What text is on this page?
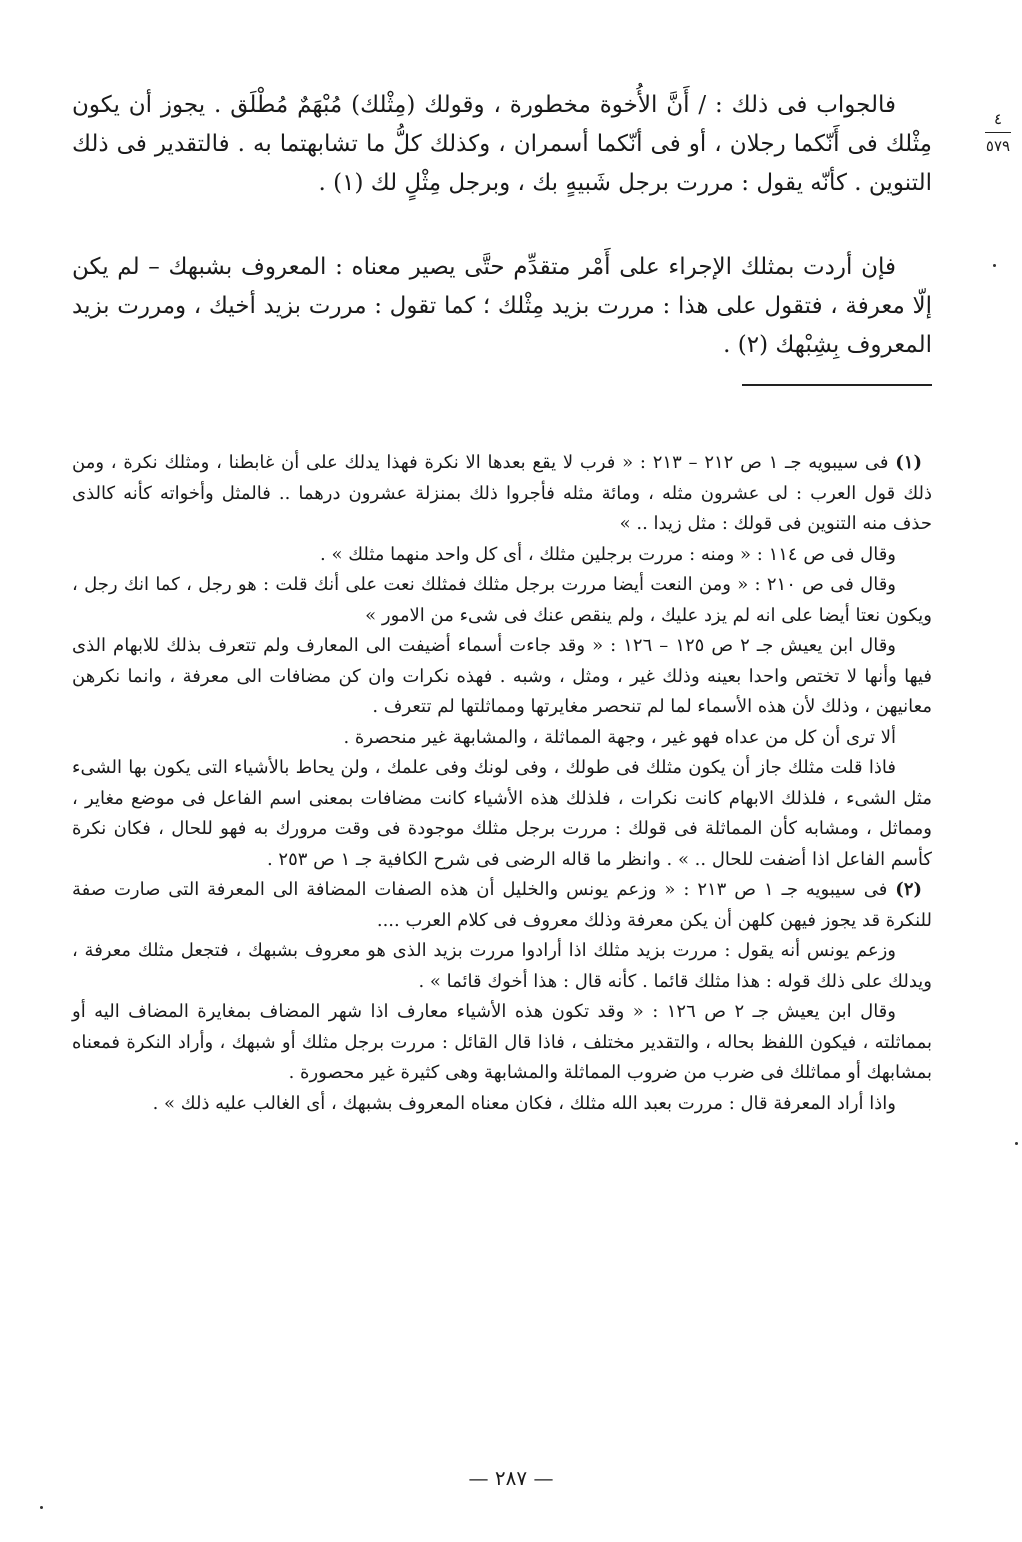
٤
٥٧٩

فالجواب فى ذلك : / أَنَّ الأُخوة مخطورة ، وقولك (مِثْلك) مُبْهَمٌ مُطْلَق . يجوز أن يكون مِثْلك فى أَنّكما رجلان ، أو فى أنّكما أسمران ، وكذلك كلُّ ما تشابهتما به . فالتقدير فى ذلك التنوين . كأنّه يقول : مررت برجل شَبيهٍ بك ، وبرجل مِثْلٍ لك (١) .

فإن أردت بمثلك الإجراء على أَمْر متقدِّم حتَّى يصير معناه : المعروف بشبهك – لم يكن إلّا معرفة ، فتقول على هذا : مررت بزيد مِثْلك ؛ كما تقول : مررت بزيد أخيك ، ومررت بزيد المعروف بِشِبْهك (٢) .

(١) فى سيبويه جـ ١ ص ٢١٢ – ٢١٣ : « فرب لا يقع بعدها الا نكرة فهذا يدلك على أن غابطنا ، ومثلك نكرة ، ومن ذلك قول العرب : لى عشرون مثله ، ومائة مثله فأجروا ذلك بمنزلة عشرون درهما .. فالمثل وأخواته كأنه كالذى حذف منه التنوين فى قولك : مثل زيدا .. »

وقال فى ص ١١٤ : « ومنه : مررت برجلين مثلك ، أى كل واحد منهما مثلك » .

وقال فى ص ٢١٠ : « ومن النعت أيضا مررت برجل مثلك فمثلك نعت على أنك قلت : هو رجل ، كما انك رجل ، ويكون نعتا أيضا على انه لم يزد عليك ، ولم ينقص عنك فى شىء من الامور »

وقال ابن يعيش جـ ٢ ص ١٢٥ – ١٢٦ : « وقد جاءت أسماء أضيفت الى المعارف ولم تتعرف بذلك للابهام الذى فيها وأنها لا تختص واحدا بعينه وذلك غير ، ومثل ، وشبه . فهذه نكرات وان كن مضافات الى معرفة ، وانما نكرهن معانيهن ، وذلك لأن هذه الأسماء لما لم تنحصر مغايرتها ومماثلتها لم تتعرف .

ألا ترى أن كل من عداه فهو غير ، وجهة المماثلة ، والمشابهة غير منحصرة .

فاذا قلت مثلك جاز أن يكون مثلك فى طولك ، وفى لونك وفى علمك ، ولن يحاط بالأشياء التى يكون بها الشىء مثل الشىء ، فلذلك الابهام كانت نكرات ، فلذلك هذه الأشياء كانت مضافات بمعنى اسم الفاعل فى موضع مغاير ، ومماثل ، ومشابه كأن المماثلة فى قولك : مررت برجل مثلك موجودة فى وقت مرورك به فهو للحال ، فكان نكرة كأسم الفاعل اذا أضفت للحال .. » . وانظر ما قاله الرضى فى شرح الكافية جـ ١ ص ٢٥٣ .

(٢) فى سيبويه جـ ١ ص ٢١٣ : « وزعم يونس والخليل أن هذه الصفات المضافة الى المعرفة التى صارت صفة للنكرة قد يجوز فيهن كلهن أن يكن معرفة وذلك معروف فى كلام العرب ....

وزعم يونس أنه يقول : مررت بزيد مثلك اذا أرادوا مررت بزيد الذى هو معروف بشبهك ، فتجعل مثلك معرفة ، ويدلك على ذلك قوله : هذا مثلك قائما . كأنه قال : هذا أخوك قائما » .

وقال ابن يعيش جـ ٢ ص ١٢٦ : « وقد تكون هذه الأشياء معارف اذا شهر المضاف بمغايرة المضاف اليه أو بمماثلته ، فيكون اللفظ بحاله ، والتقدير مختلف ، فاذا قال القائل : مررت برجل مثلك أو شبهك ، وأراد النكرة فمعناه بمشابهك أو مماثلك فى ضرب من ضروب المماثلة والمشابهة وهى كثيرة غير محصورة .

واذا أراد المعرفة قال : مررت بعبد الله مثلك ، فكان معناه المعروف بشبهك ، أى الغالب عليه ذلك » .

— ٢٨٧ —
